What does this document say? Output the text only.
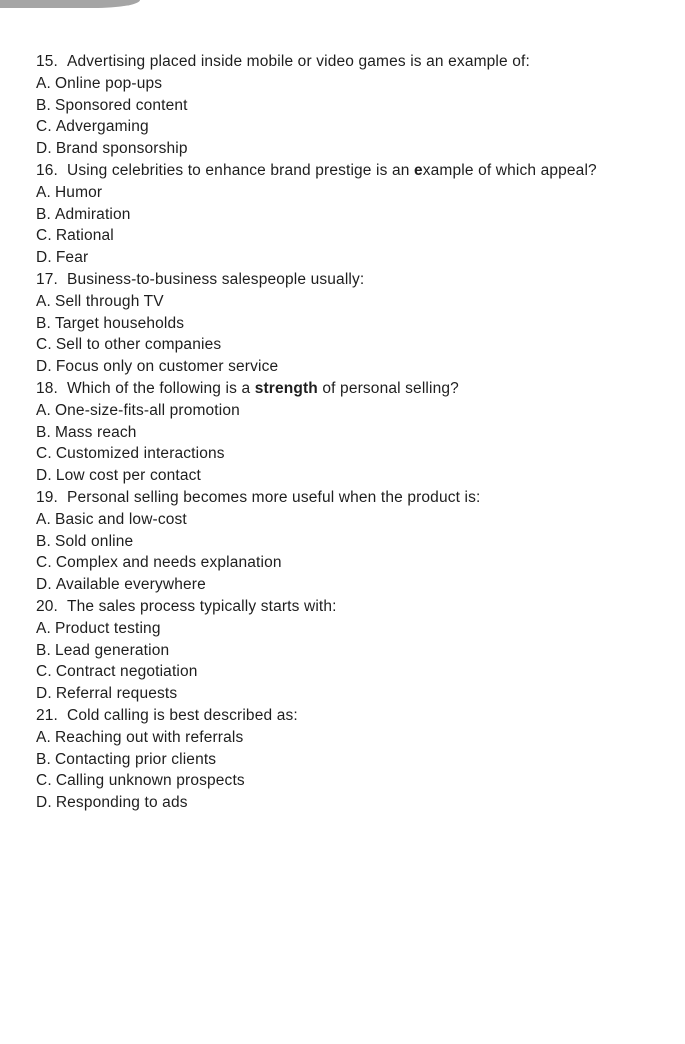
15. Advertising placed inside mobile or video games is an example of:

A. Online pop-ups

B. Sponsored content

C. Advergaming

D. Brand sponsorship

16. Using celebrities to enhance brand prestige is an example of which appeal?

A. Humor

B. Admiration

C. Rational

D. Fear

17. Business-to-business salespeople usually:

A. Sell through TV

B. Target households

C. Sell to other companies

D. Focus only on customer service

18. Which of the following is a strength of personal selling?

A. One-size-fits-all promotion

B. Mass reach

C. Customized interactions

D. Low cost per contact

19. Personal selling becomes more useful when the product is:

A. Basic and low-cost

B. Sold online

C. Complex and needs explanation

D. Available everywhere

20. The sales process typically starts with:

A. Product testing

B. Lead generation

C. Contract negotiation

D. Referral requests

21. Cold calling is best described as:

A. Reaching out with referrals

B. Contacting prior clients

C. Calling unknown prospects

D. Responding to ads
